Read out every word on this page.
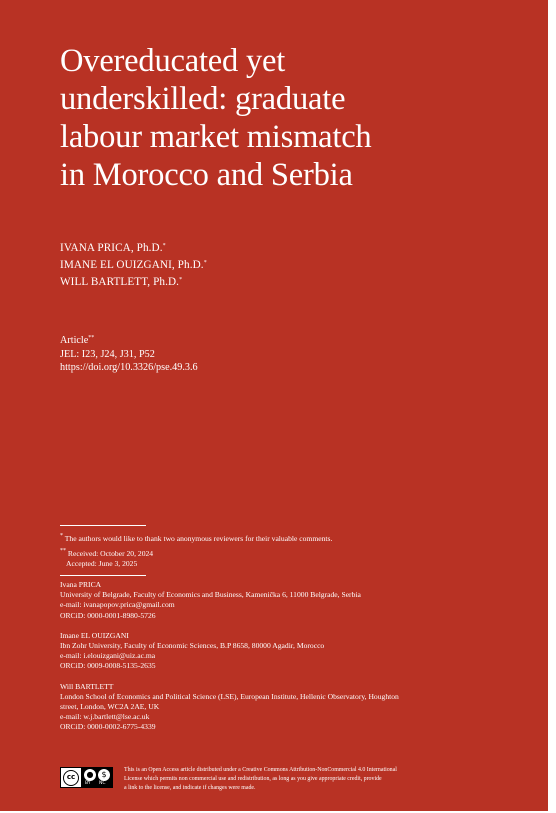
Overeducated yet
underskilled: graduate
labour market mismatch
in Morocco and Serbia
IVANA PRICA, Ph.D.*
IMANE EL OUIZGANI, Ph.D.*
WILL BARTLETT, Ph.D.*
Article**
JEL: I23, J24, J31, P52
https://doi.org/10.3326/pse.49.3.6
* The authors would like to thank two anonymous reviewers for their valuable comments.
** Received: October 20, 2024
Accepted: June 3, 2025
Ivana PRICA
University of Belgrade, Faculty of Economics and Business, Kamenička 6, 11000 Belgrade, Serbia
e-mail: ivanapopov.prica@gmail.com
ORCiD: 0000-0001-8980-5726
Imane EL OUIZGANI
Ibn Zohr University, Faculty of Economic Sciences, B.P 8658, 80000 Agadir, Morocco
e-mail: i.elouizgani@uiz.ac.ma
ORCiD: 0009-0008-5135-2635
Will BARTLETT
London School of Economics and Political Science (LSE), European Institute, Hellenic Observatory, Houghton
street, London, WC2A 2AE, UK
e-mail: w.j.bartlett@lse.ac.uk
ORCiD: 0000-0002-6775-4339
cc	● $
BY NC
This is an Open Access article distributed under a Creative Commons Attribution-NonCommercial 4.0 International
License which permits non commercial use and redistribution, as long as you give appropriate credit, provide
a link to the license, and indicate if changes were made.
